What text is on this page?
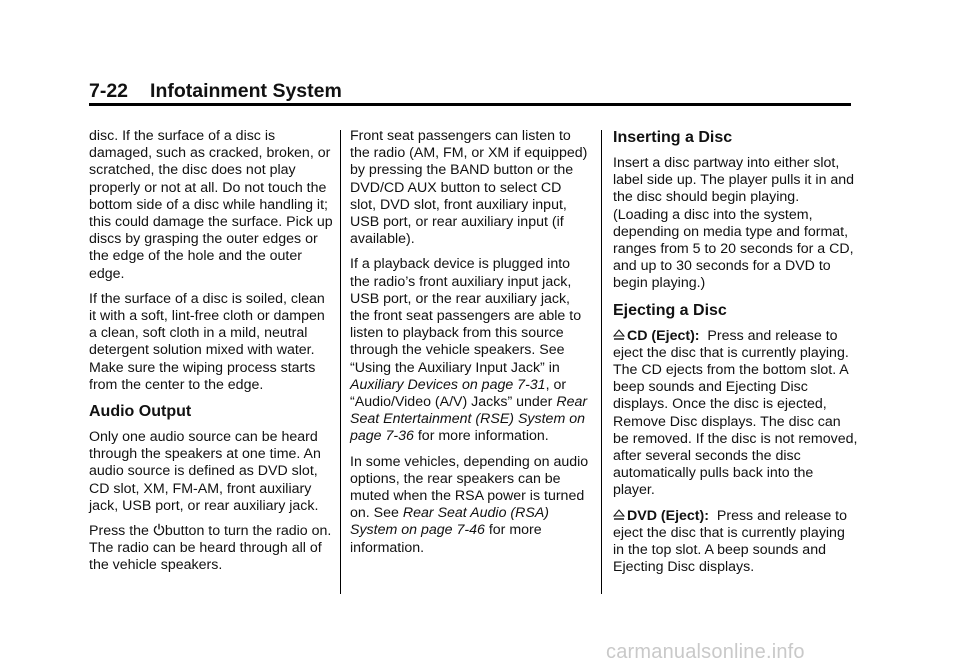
7-22 Infotainment System

disc. If the surface of a disc is damaged, such as cracked, broken, or scratched, the disc does not play properly or not at all. Do not touch the bottom side of a disc while handling it; this could damage the surface. Pick up discs by grasping the outer edges or the edge of the hole and the outer edge.

If the surface of a disc is soiled, clean it with a soft, lint-free cloth or dampen a clean, soft cloth in a mild, neutral detergent solution mixed with water. Make sure the wiping process starts from the center to the edge.

Audio Output

Only one audio source can be heard through the speakers at one time. An audio source is defined as DVD slot, CD slot, XM, FM-AM, front auxiliary jack, USB port, or rear auxiliary jack.

Press the button to turn the radio on. The radio can be heard through all of the vehicle speakers.

Front seat passengers can listen to the radio (AM, FM, or XM if equipped) by pressing the BAND button or the DVD/CD AUX button to select CD slot, DVD slot, front auxiliary input, USB port, or rear auxiliary input (if available).

If a playback device is plugged into the radio’s front auxiliary input jack, USB port, or the rear auxiliary jack, the front seat passengers are able to listen to playback from this source through the vehicle speakers. See “Using the Auxiliary Input Jack” in Auxiliary Devices on page 7‑31, or “Audio/Video (A/V) Jacks” under Rear Seat Entertainment (RSE) System on page 7‑36 for more information.

In some vehicles, depending on audio options, the rear speakers can be muted when the RSA power is turned on. See Rear Seat Audio (RSA) System on page 7‑46 for more information.

Inserting a Disc

Insert a disc partway into either slot, label side up. The player pulls it in and the disc should begin playing. (Loading a disc into the system, depending on media type and format, ranges from 5 to 20 seconds for a CD, and up to 30 seconds for a DVD to begin playing.)

Ejecting a Disc

CD (Eject): Press and release to eject the disc that is currently playing. The CD ejects from the bottom slot. A beep sounds and Ejecting Disc displays. Once the disc is ejected, Remove Disc displays. The disc can be removed. If the disc is not removed, after several seconds the disc automatically pulls back into the player.

DVD (Eject): Press and release to eject the disc that is currently playing in the top slot. A beep sounds and Ejecting Disc displays.

carmanualsonline.info
